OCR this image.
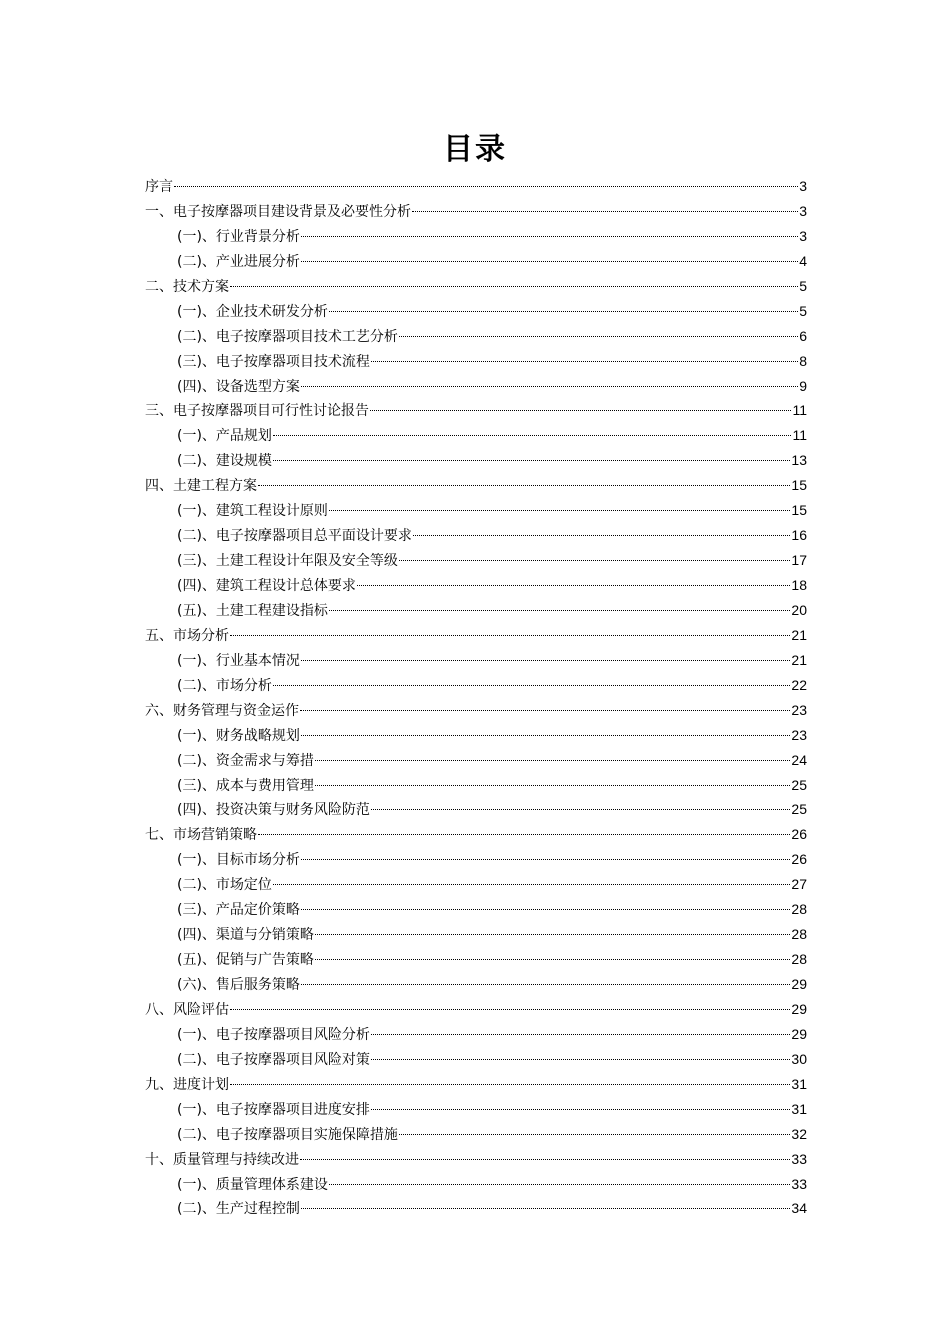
目录
序言	3
一、电子按摩器项目建设背景及必要性分析	3
(一)、行业背景分析	3
(二)、产业进展分析	4
二、技术方案	5
(一)、企业技术研发分析	5
(二)、电子按摩器项目技术工艺分析	6
(三)、电子按摩器项目技术流程	8
(四)、设备选型方案	9
三、电子按摩器项目可行性讨论报告	11
(一)、产品规划	11
(二)、建设规模	13
四、土建工程方案	15
(一)、建筑工程设计原则	15
(二)、电子按摩器项目总平面设计要求	16
(三)、土建工程设计年限及安全等级	17
(四)、建筑工程设计总体要求	18
(五)、土建工程建设指标	20
五、市场分析	21
(一)、行业基本情况	21
(二)、市场分析	22
六、财务管理与资金运作	23
(一)、财务战略规划	23
(二)、资金需求与筹措	24
(三)、成本与费用管理	25
(四)、投资决策与财务风险防范	25
七、市场营销策略	26
(一)、目标市场分析	26
(二)、市场定位	27
(三)、产品定价策略	28
(四)、渠道与分销策略	28
(五)、促销与广告策略	28
(六)、售后服务策略	29
八、风险评估	29
(一)、电子按摩器项目风险分析	29
(二)、电子按摩器项目风险对策	30
九、进度计划	31
(一)、电子按摩器项目进度安排	31
(二)、电子按摩器项目实施保障措施	32
十、质量管理与持续改进	33
(一)、质量管理体系建设	33
(二)、生产过程控制	34
